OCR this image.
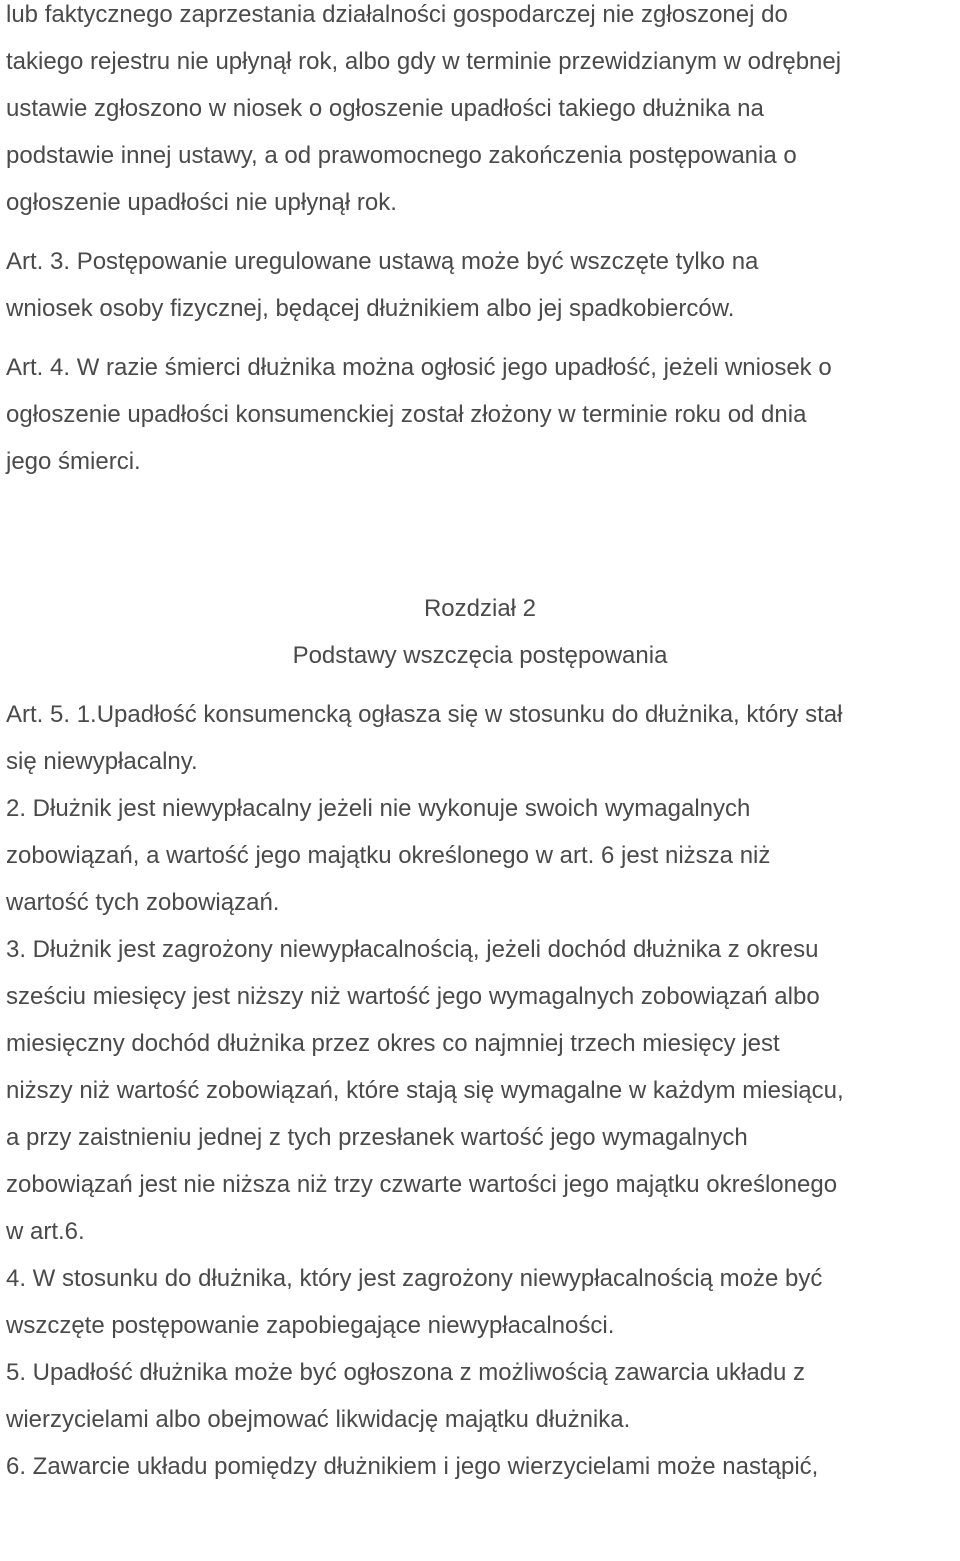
lub faktycznego zaprzestania działalności gospodarczej nie zgłoszonej do

takiego rejestru nie upłynął rok, albo gdy w terminie przewidzianym w odrębnej

ustawie zgłoszono w niosek o ogłoszenie upadłości takiego dłużnika na

podstawie innej ustawy, a od prawomocnego zakończenia postępowania o

ogłoszenie upadłości nie upłynął rok.

Art. 3. Postępowanie uregulowane ustawą może być wszczęte tylko na

wniosek osoby fizycznej, będącej dłużnikiem albo jej spadkobierców.

Art. 4. W razie śmierci dłużnika można ogłosić jego upadłość, jeżeli wniosek o

ogłoszenie upadłości konsumenckiej został złożony w terminie roku od dnia

jego śmierci.

Rozdział 2

Podstawy wszczęcia postępowania

Art. 5. 1.Upadłość konsumencką ogłasza się w stosunku do dłużnika, który stał

się niewypłacalny.

2. Dłużnik jest niewypłacalny jeżeli nie wykonuje swoich wymagalnych

zobowiązań, a wartość jego majątku określonego w art. 6 jest niższa niż

wartość tych zobowiązań.

3. Dłużnik jest zagrożony niewypłacalnością, jeżeli dochód dłużnika z okresu

sześciu miesięcy jest niższy niż wartość jego wymagalnych zobowiązań albo

miesięczny dochód dłużnika przez okres co najmniej trzech miesięcy jest

niższy niż wartość zobowiązań, które stają się wymagalne w każdym miesiącu,

a przy zaistnieniu jednej z tych przesłanek wartość jego wymagalnych

zobowiązań jest nie niższa niż trzy czwarte wartości jego majątku określonego

w art.6.

4. W stosunku do dłużnika, który jest zagrożony niewypłacalnością może być

wszczęte postępowanie zapobiegające niewypłacalności.

5. Upadłość dłużnika może być ogłoszona z możliwością zawarcia układu z

wierzycielami albo obejmować likwidację majątku dłużnika.

6. Zawarcie układu pomiędzy dłużnikiem i jego wierzycielami może nastąpić,
